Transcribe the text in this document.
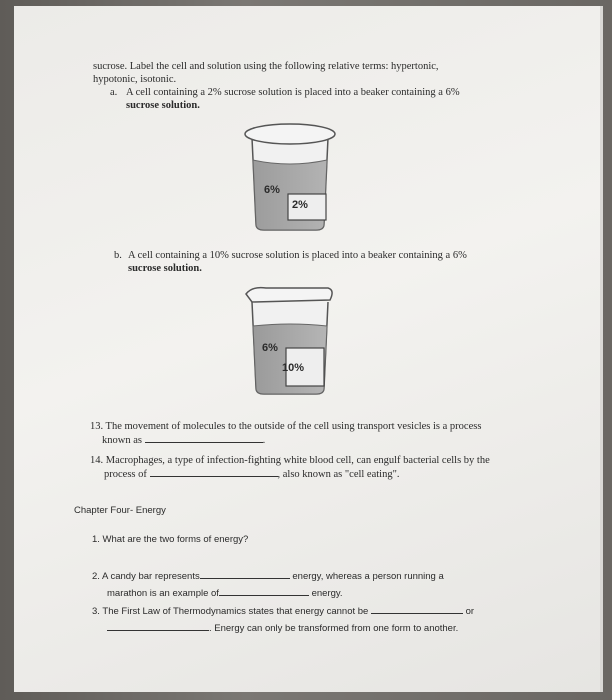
sucrose. Label the cell and solution using the following relative terms: hypertonic,
hypotonic, isotonic.
a. A cell containing a 2% sucrose solution is placed into a beaker containing a 6%
sucrose solution.
6%
2%
b. A cell containing a 10% sucrose solution is placed into a beaker containing a 6%
sucrose solution.
6%
10%
13. The movement of molecules to the outside of the cell using transport vesicles is a process
known as	.
14. Macrophages, a type of infection-fighting white blood cell, can engulf bacterial cells by the
process of	, also known as "cell eating".
Chapter Four- Energy
1. What are the two forms of energy?
2. A candy bar represents	energy, whereas a person running a
marathon is an example of	energy.
3. The First Law of Thermodynamics states that energy cannot be	or
. Energy can only be transformed from one form to another.
